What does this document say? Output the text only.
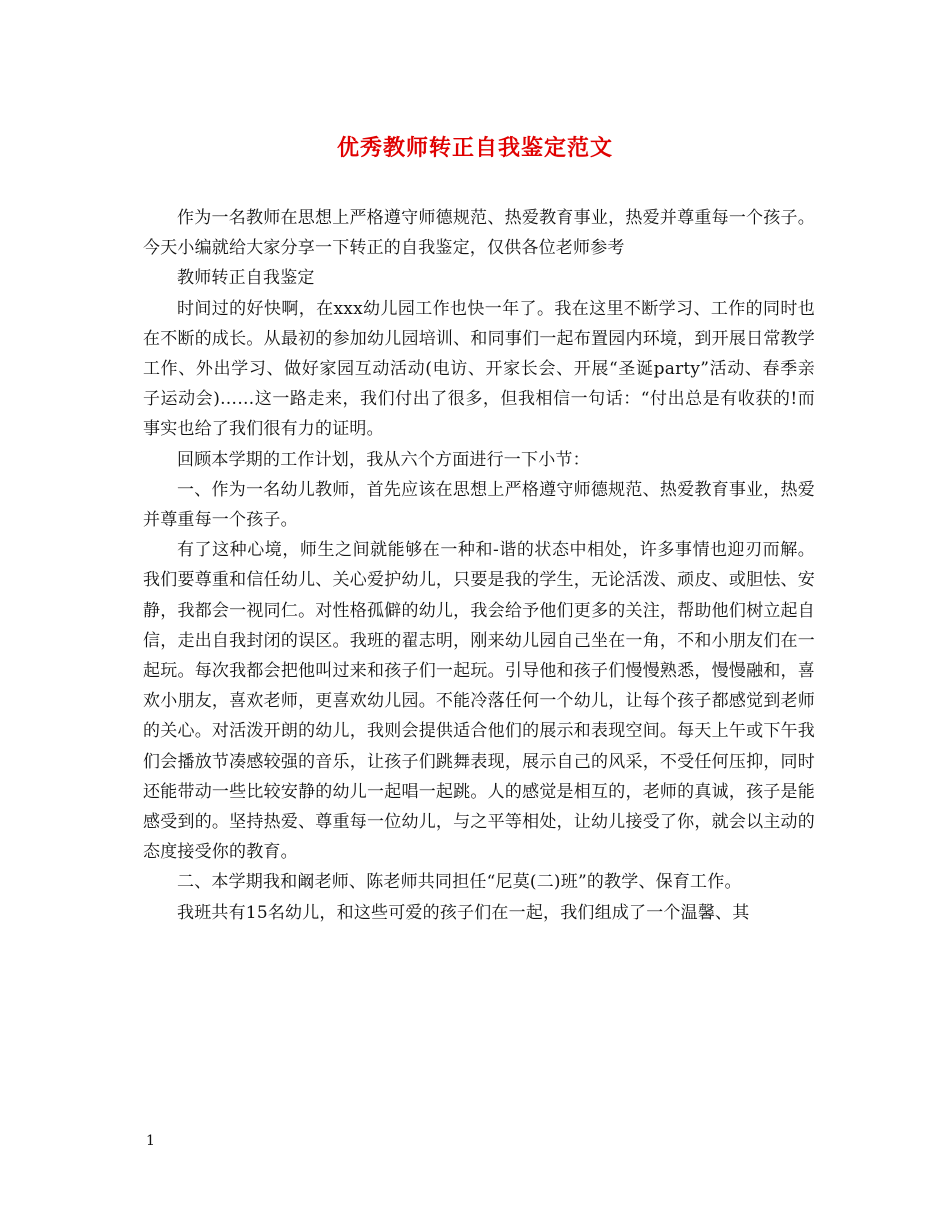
优秀教师转正自我鉴定范文

作为一名教师在思想上严格遵守师德规范、热爱教育事业，热爱并尊重每一个孩子。今天小编就给大家分享一下转正的自我鉴定，仅供各位老师参考

教师转正自我鉴定

时间过的好快啊，在xxx幼儿园工作也快一年了。我在这里不断学习、工作的同时也在不断的成长。从最初的参加幼儿园培训、和同事们一起布置园内环境，到开展日常教学工作、外出学习、做好家园互动活动(电访、开家长会、开展“圣诞party”活动、春季亲子运动会)……这一路走来，我们付出了很多，但我相信一句话：“付出总是有收获的!而事实也给了我们很有力的证明。

回顾本学期的工作计划，我从六个方面进行一下小节：

一、作为一名幼儿教师，首先应该在思想上严格遵守师德规范、热爱教育事业，热爱并尊重每一个孩子。

有了这种心境，师生之间就能够在一种和-谐的状态中相处，许多事情也迎刃而解。我们要尊重和信任幼儿、关心爱护幼儿，只要是我的学生，无论活泼、顽皮、或胆怯、安静，我都会一视同仁。对性格孤僻的幼儿，我会给予他们更多的关注，帮助他们树立起自信，走出自我封闭的误区。我班的翟志明，刚来幼儿园自己坐在一角，不和小朋友们在一起玩。每次我都会把他叫过来和孩子们一起玩。引导他和孩子们慢慢熟悉，慢慢融和，喜欢小朋友，喜欢老师，更喜欢幼儿园。不能冷落任何一个幼儿，让每个孩子都感觉到老师的关心。对活泼开朗的幼儿，我则会提供适合他们的展示和表现空间。每天上午或下午我们会播放节凑感较强的音乐，让孩子们跳舞表现，展示自己的风采，不受任何压抑，同时还能带动一些比较安静的幼儿一起唱一起跳。人的感觉是相互的，老师的真诚，孩子是能感受到的。坚持热爱、尊重每一位幼儿，与之平等相处，让幼儿接受了你，就会以主动的态度接受你的教育。

二、本学期我和阚老师、陈老师共同担任“尼莫(二)班”的教学、保育工作。

我班共有15名幼儿，和这些可爱的孩子们在一起，我们组成了一个温馨、其

1
